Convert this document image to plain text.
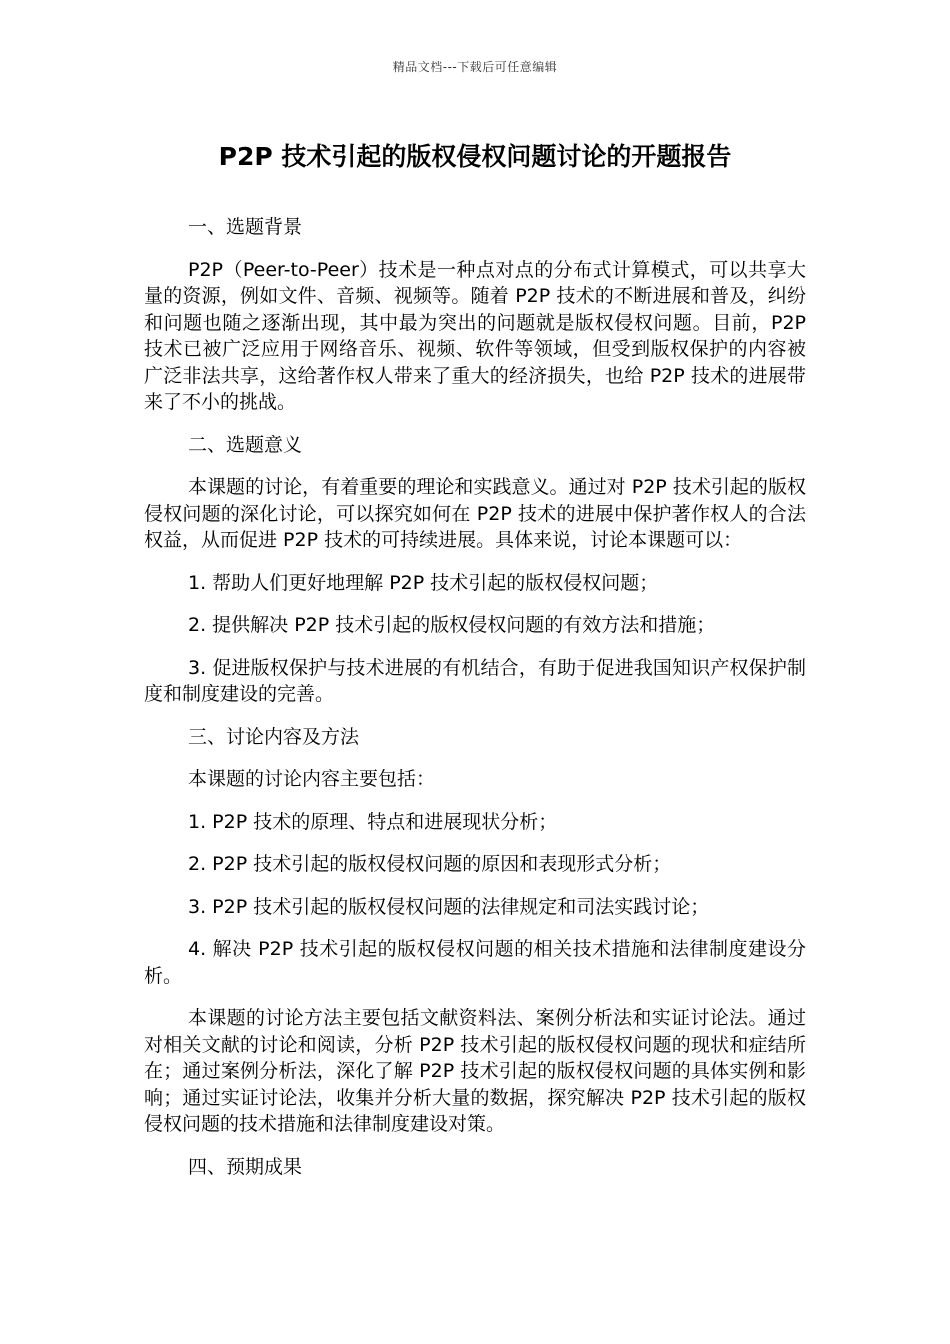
精品文档---下载后可任意编辑
P2P 技术引起的版权侵权问题讨论的开题报告

一、选题背景

P2P（Peer-to-Peer）技术是一种点对点的分布式计算模式，可以共享大量的资源，例如文件、音频、视频等。随着 P2P 技术的不断进展和普及，纠纷和问题也随之逐渐出现，其中最为突出的问题就是版权侵权问题。目前，P2P 技术已被广泛应用于网络音乐、视频、软件等领域，但受到版权保护的内容被广泛非法共享，这给著作权人带来了重大的经济损失，也给 P2P 技术的进展带来了不小的挑战。

二、选题意义

本课题的讨论，有着重要的理论和实践意义。通过对 P2P 技术引起的版权侵权问题的深化讨论，可以探究如何在 P2P 技术的进展中保护著作权人的合法权益，从而促进 P2P 技术的可持续进展。具体来说，讨论本课题可以：

1. 帮助人们更好地理解 P2P 技术引起的版权侵权问题；

2. 提供解决 P2P 技术引起的版权侵权问题的有效方法和措施；

3. 促进版权保护与技术进展的有机结合，有助于促进我国知识产权保护制度和制度建设的完善。

三、讨论内容及方法

本课题的讨论内容主要包括：

1. P2P 技术的原理、特点和进展现状分析；

2. P2P 技术引起的版权侵权问题的原因和表现形式分析；

3. P2P 技术引起的版权侵权问题的法律规定和司法实践讨论；

4. 解决 P2P 技术引起的版权侵权问题的相关技术措施和法律制度建设分析。

本课题的讨论方法主要包括文献资料法、案例分析法和实证讨论法。通过对相关文献的讨论和阅读，分析 P2P 技术引起的版权侵权问题的现状和症结所在；通过案例分析法，深化了解 P2P 技术引起的版权侵权问题的具体实例和影响；通过实证讨论法，收集并分析大量的数据，探究解决 P2P 技术引起的版权侵权问题的技术措施和法律制度建设对策。

四、预期成果
